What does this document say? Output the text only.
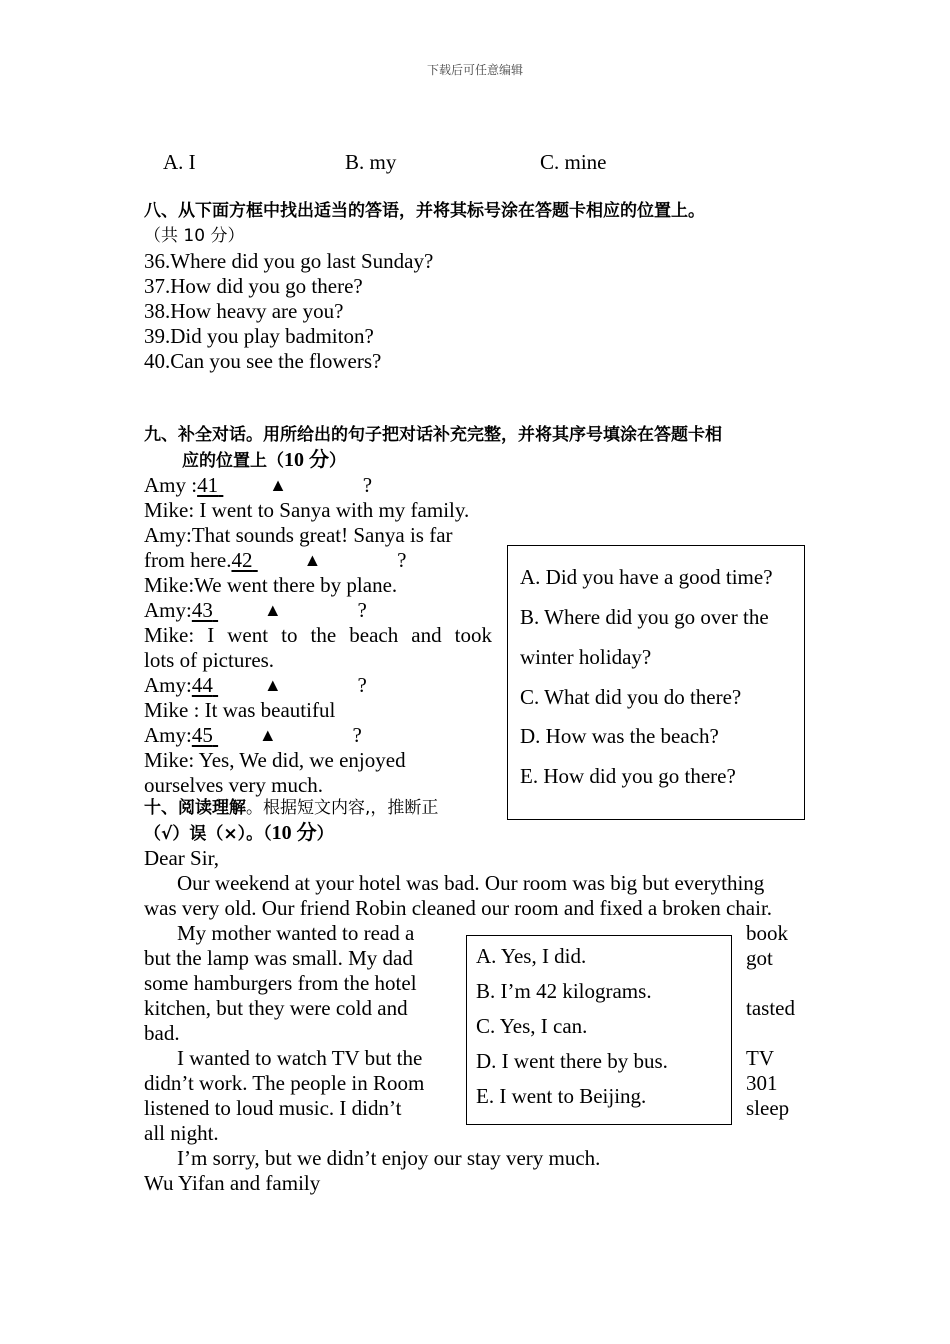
下载后可任意编辑
A. I	B. my	C. mine
八、从下面方框中找出适当的答语，并将其标号涂在答题卡相应的位置上。
（共 10 分）
36.Where did you go last Sunday?
37.How did you go there?
38.How heavy are you?
39.Did you play badmiton?
40.Can you see the flowers?
九、补全对话。用所给出的句子把对话补充完整，并将其序号填涂在答题卡相
应的位置上（10 分）
Amy :41	▲	?

Mike: I went to Sanya with my family.
Amy:That sounds great! Sanya is far
from here.42	▲	?

Mike:We went there by plane.
Amy:43	▲	?

Mike: I went to the beach and took
lots of pictures.
Amy:44	▲	?

Mike : It was beautiful
Amy:45	▲	?

Mike: Yes, We did, we enjoyed
ourselves very much.
A. Did you have a good time?
B. Where did you go over the
winter holiday?
C. What did you do there?
D. How was the beach?
E. How did you go there?
十、阅读理解。根据短文内容,，推断正
（√）误（×）。（10 分）
Dear Sir,
Our weekend at your hotel was bad. Our room was big but everything
was very old. Our friend Robin cleaned our room and fixed a broken chair.
My mother wanted to read a
but the lamp was small. My dad
some hamburgers from the hotel
kitchen, but they were cold and
bad.
I wanted to watch TV but the
didn’t work. The people in Room
listened to loud music. I didn’t
all night.
I’m sorry, but we didn’t enjoy our stay very much.
Wu Yifan and family
book
got
tasted
TV
301
sleep
A. Yes, I did.
B. I’m 42 kilograms.
C. Yes, I can.
D. I went there by bus.
E. I went to Beijing.
